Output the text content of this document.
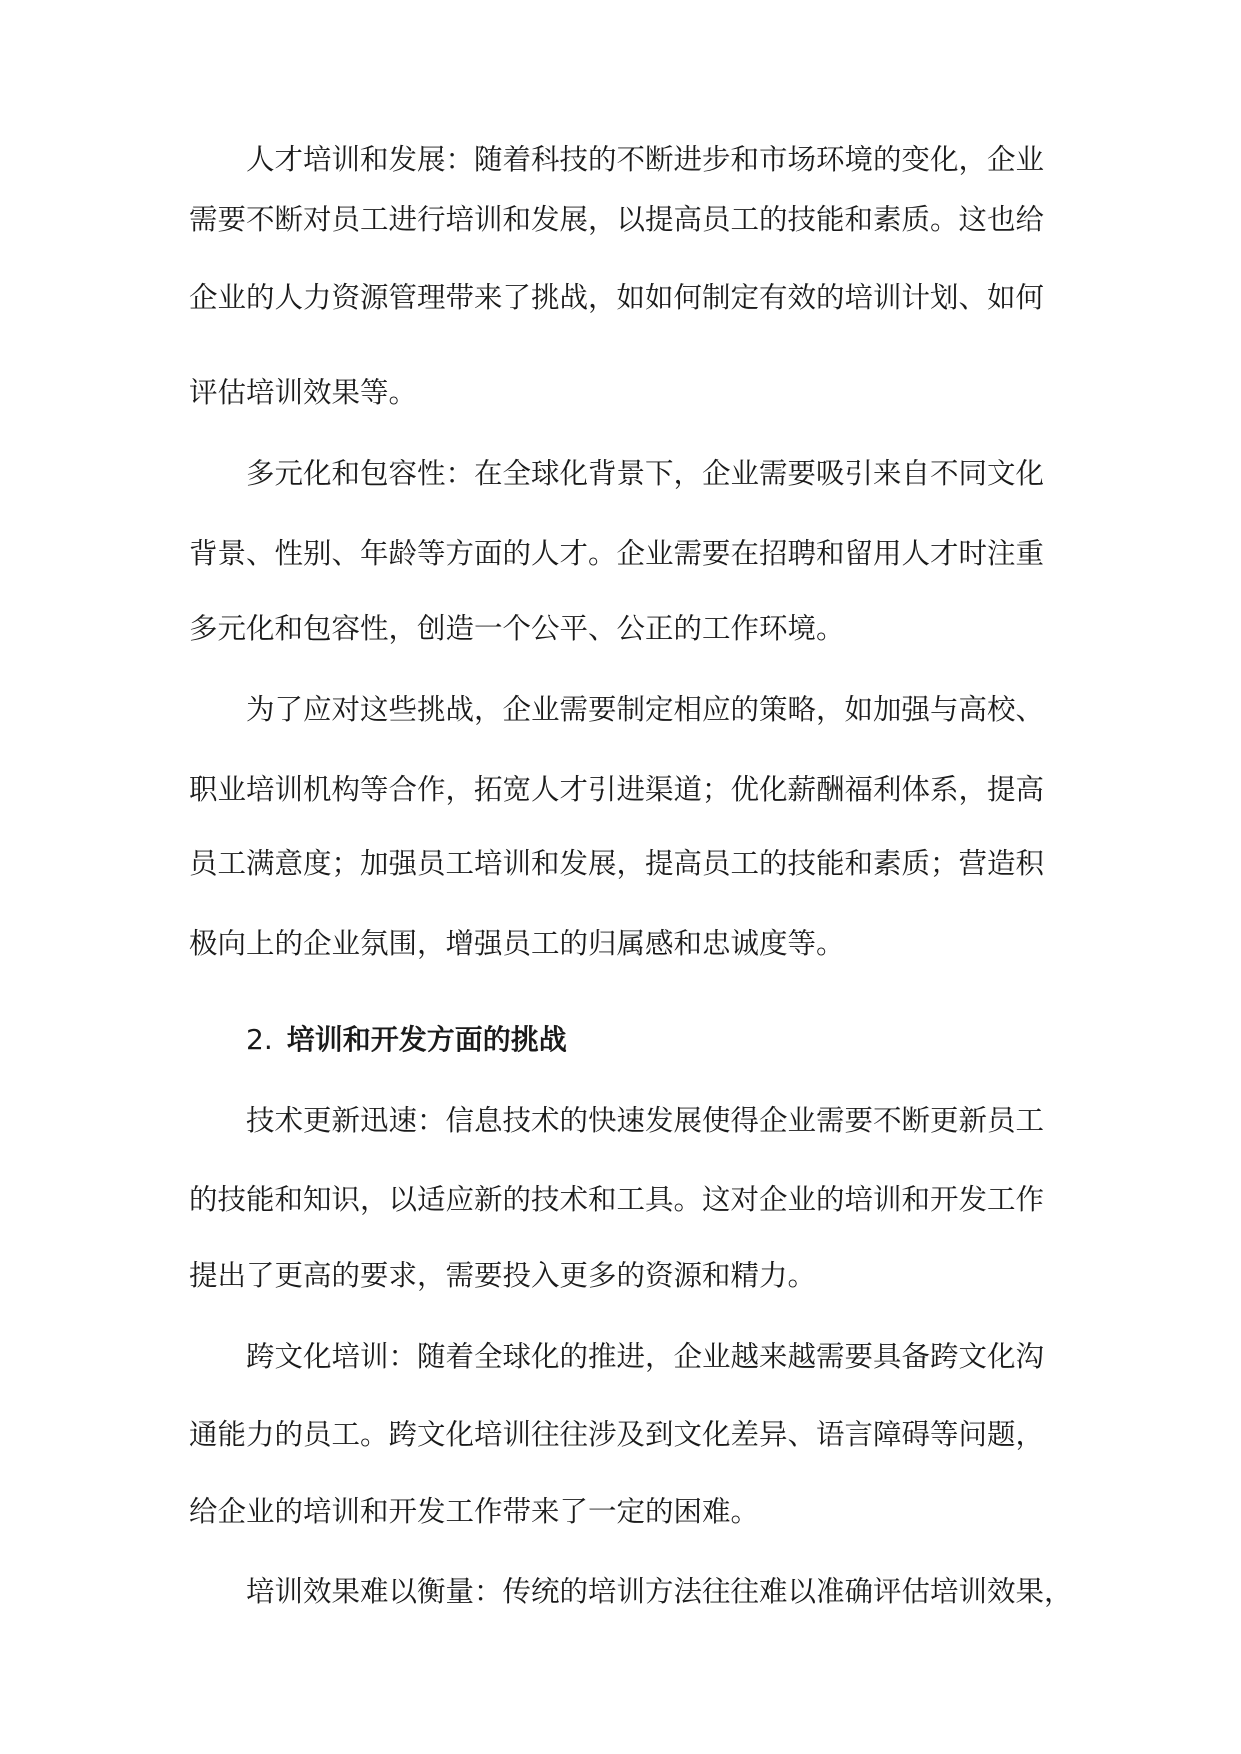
人才培训和发展：随着科技的不断进步和市场环境的变化，企业

需要不断对员工进行培训和发展，以提高员工的技能和素质。这也给

企业的人力资源管理带来了挑战，如如何制定有效的培训计划、如何

评估培训效果等。

多元化和包容性：在全球化背景下，企业需要吸引来自不同文化

背景、性别、年龄等方面的人才。企业需要在招聘和留用人才时注重

多元化和包容性，创造一个公平、公正的工作环境。

为了应对这些挑战，企业需要制定相应的策略，如加强与高校、

职业培训机构等合作，拓宽人才引进渠道；优化薪酬福利体系，提高

员工满意度；加强员工培训和发展，提高员工的技能和素质；营造积

极向上的企业氛围，增强员工的归属感和忠诚度等。

2. 培训和开发方面的挑战

技术更新迅速：信息技术的快速发展使得企业需要不断更新员工

的技能和知识，以适应新的技术和工具。这对企业的培训和开发工作

提出了更高的要求，需要投入更多的资源和精力。

跨文化培训：随着全球化的推进，企业越来越需要具备跨文化沟

通能力的员工。跨文化培训往往涉及到文化差异、语言障碍等问题，

给企业的培训和开发工作带来了一定的困难。

培训效果难以衡量：传统的培训方法往往难以准确评估培训效果，
